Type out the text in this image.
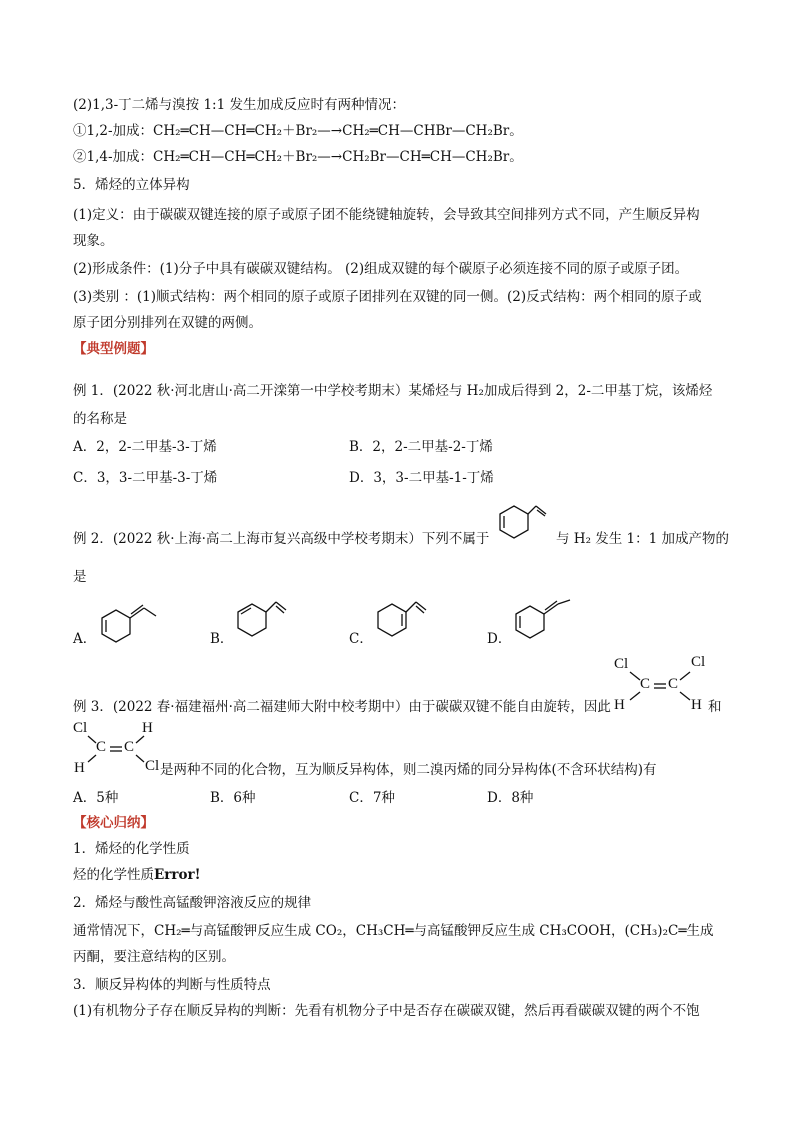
(2)1,3-丁二烯与溴按 1:1 发生加成反应时有两种情况：
①1,2-加成：CH₂═CH—CH═CH₂＋Br₂—→CH₂═CH—CHBr—CH₂Br。
②1,4-加成：CH₂═CH—CH═CH₂＋Br₂—→CH₂Br—CH═CH—CH₂Br。
5．烯烃的立体异构
(1)定义：由于碳碳双键连接的原子或原子团不能绕键轴旋转，会导致其空间排列方式不同，产生顺反异构
现象。
(2)形成条件：(1)分子中具有碳碳双键结构。 (2)组成双键的每个碳原子必须连接不同的原子或原子团。
(3)类别 ：(1)顺式结构：两个相同的原子或原子团排列在双键的同一侧。(2)反式结构：两个相同的原子或
原子团分别排列在双键的两侧。
【典型例题】
例 1．(2022 秋·河北唐山·高二开滦第一中学校考期末）某烯烃与 H₂加成后得到 2，2-二甲基丁烷，该烯烃
的名称是
A．2，2-二甲基-3-丁烯	B．2，2-二甲基-2-丁烯
C．3，3-二甲基-3-丁烯	D．3，3-二甲基-1-丁烯
例 2．(2022 秋·上海·高二上海市复兴高级中学校考期末）下列不属于	与 H₂ 发生 1：1 加成产物的
是
A．	B．	C．	D．
Cl	Cl
C C
H	H
例 3．(2022 春·福建福州·高二福建师大附中校考期中）由于碳碳双键不能自由旋转，因此	和
Cl	H
C C
H	Cl 是两种不同的化合物，互为顺反异构体，则二溴丙烯的同分异构体(不含环状结构)有
A．5种	B．6种	C．7种	D．8种
【核心归纳】
1．烯烃的化学性质
烃的化学性质Error!
2．烯烃与酸性高锰酸钾溶液反应的规律
通常情况下，CH₂═与高锰酸钾反应生成 CO₂，CH₃CH═与高锰酸钾反应生成 CH₃COOH，(CH₃)₂C═生成
丙酮，要注意结构的区别。
3．顺反异构体的判断与性质特点
(1)有机物分子存在顺反异构的判断：先看有机物分子中是否存在碳碳双键，然后再看碳碳双键的两个不饱
